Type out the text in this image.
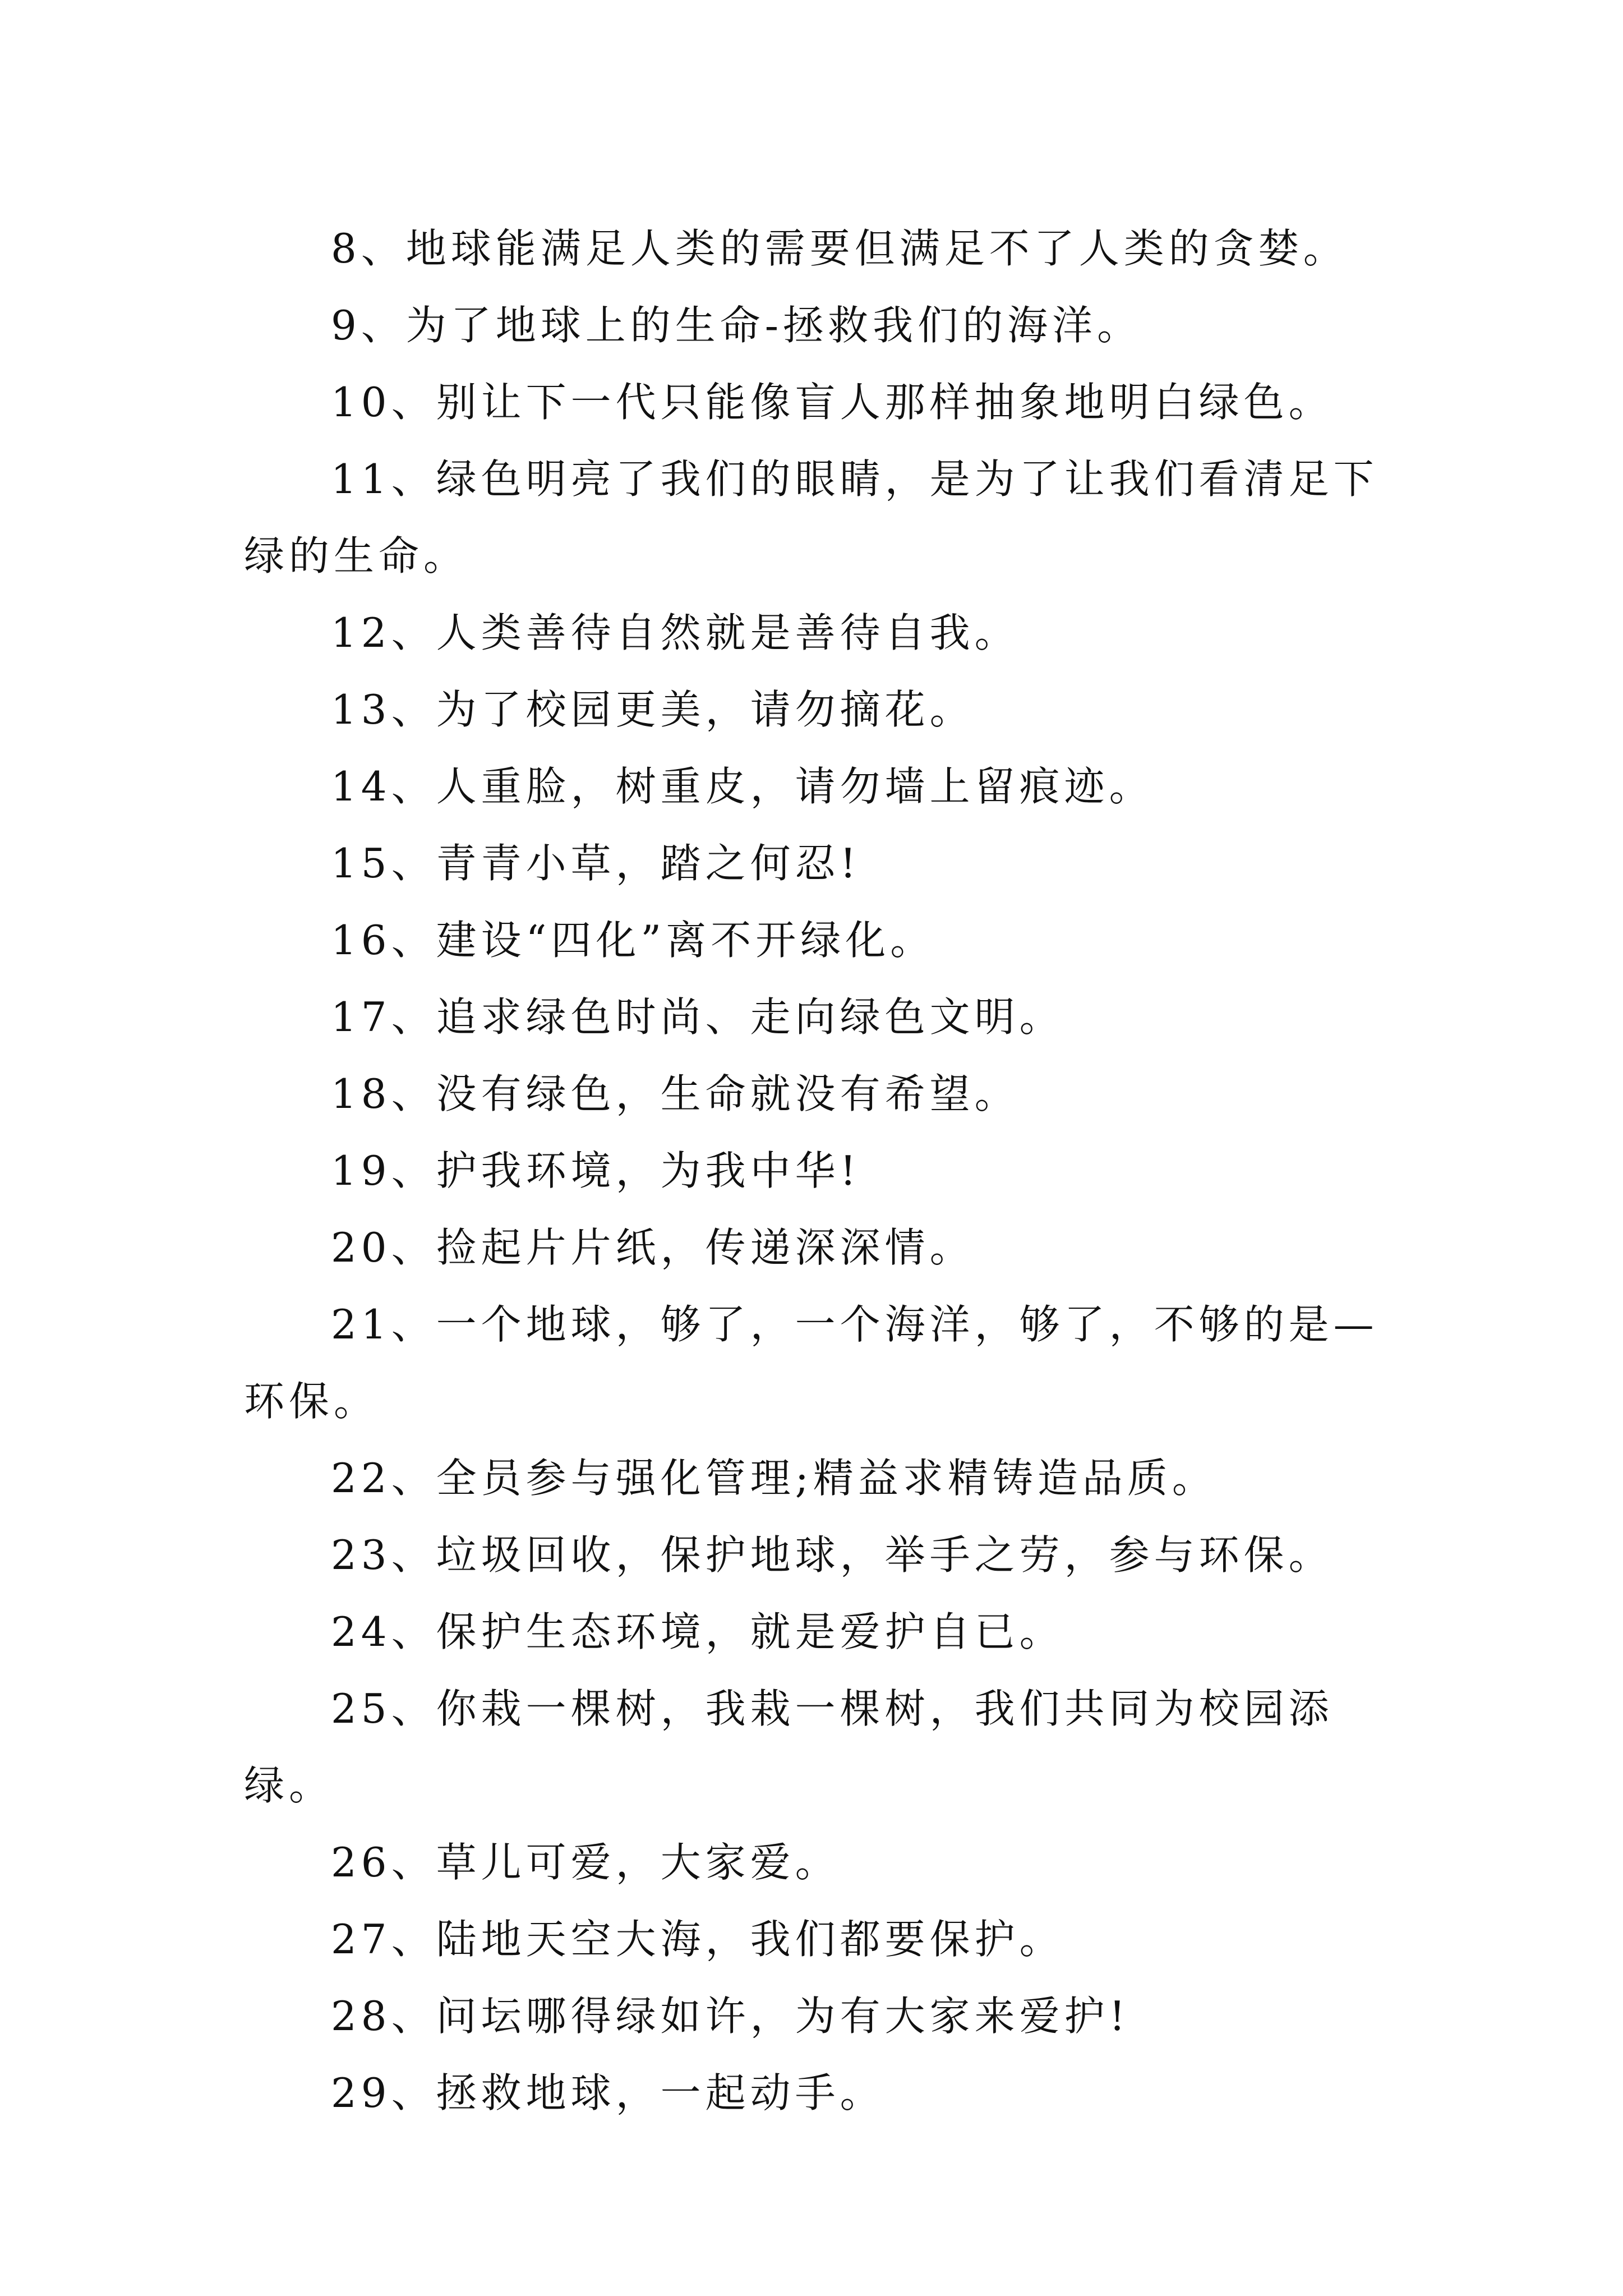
8、地球能满足人类的需要但满足不了人类的贪婪。

9、为了地球上的生命-拯救我们的海洋。

10、别让下一代只能像盲人那样抽象地明白绿色。

11、绿色明亮了我们的眼睛，是为了让我们看清足下绿的生命。

12、人类善待自然就是善待自我。

13、为了校园更美，请勿摘花。

14、人重脸，树重皮，请勿墙上留痕迹。

15、青青小草，踏之何忍!

16、建设“四化”离不开绿化。

17、追求绿色时尚、走向绿色文明。

18、没有绿色，生命就没有希望。

19、护我环境，为我中华!

20、捡起片片纸，传递深深情。

21、一个地球，够了，一个海洋，够了，不够的是—环保。

22、全员参与强化管理;精益求精铸造品质。

23、垃圾回收，保护地球，举手之劳，参与环保。

24、保护生态环境，就是爱护自已。

25、你栽一棵树，我栽一棵树，我们共同为校园添绿。

26、草儿可爱，大家爱。

27、陆地天空大海，我们都要保护。

28、问坛哪得绿如许，为有大家来爱护!

29、拯救地球，一起动手。
